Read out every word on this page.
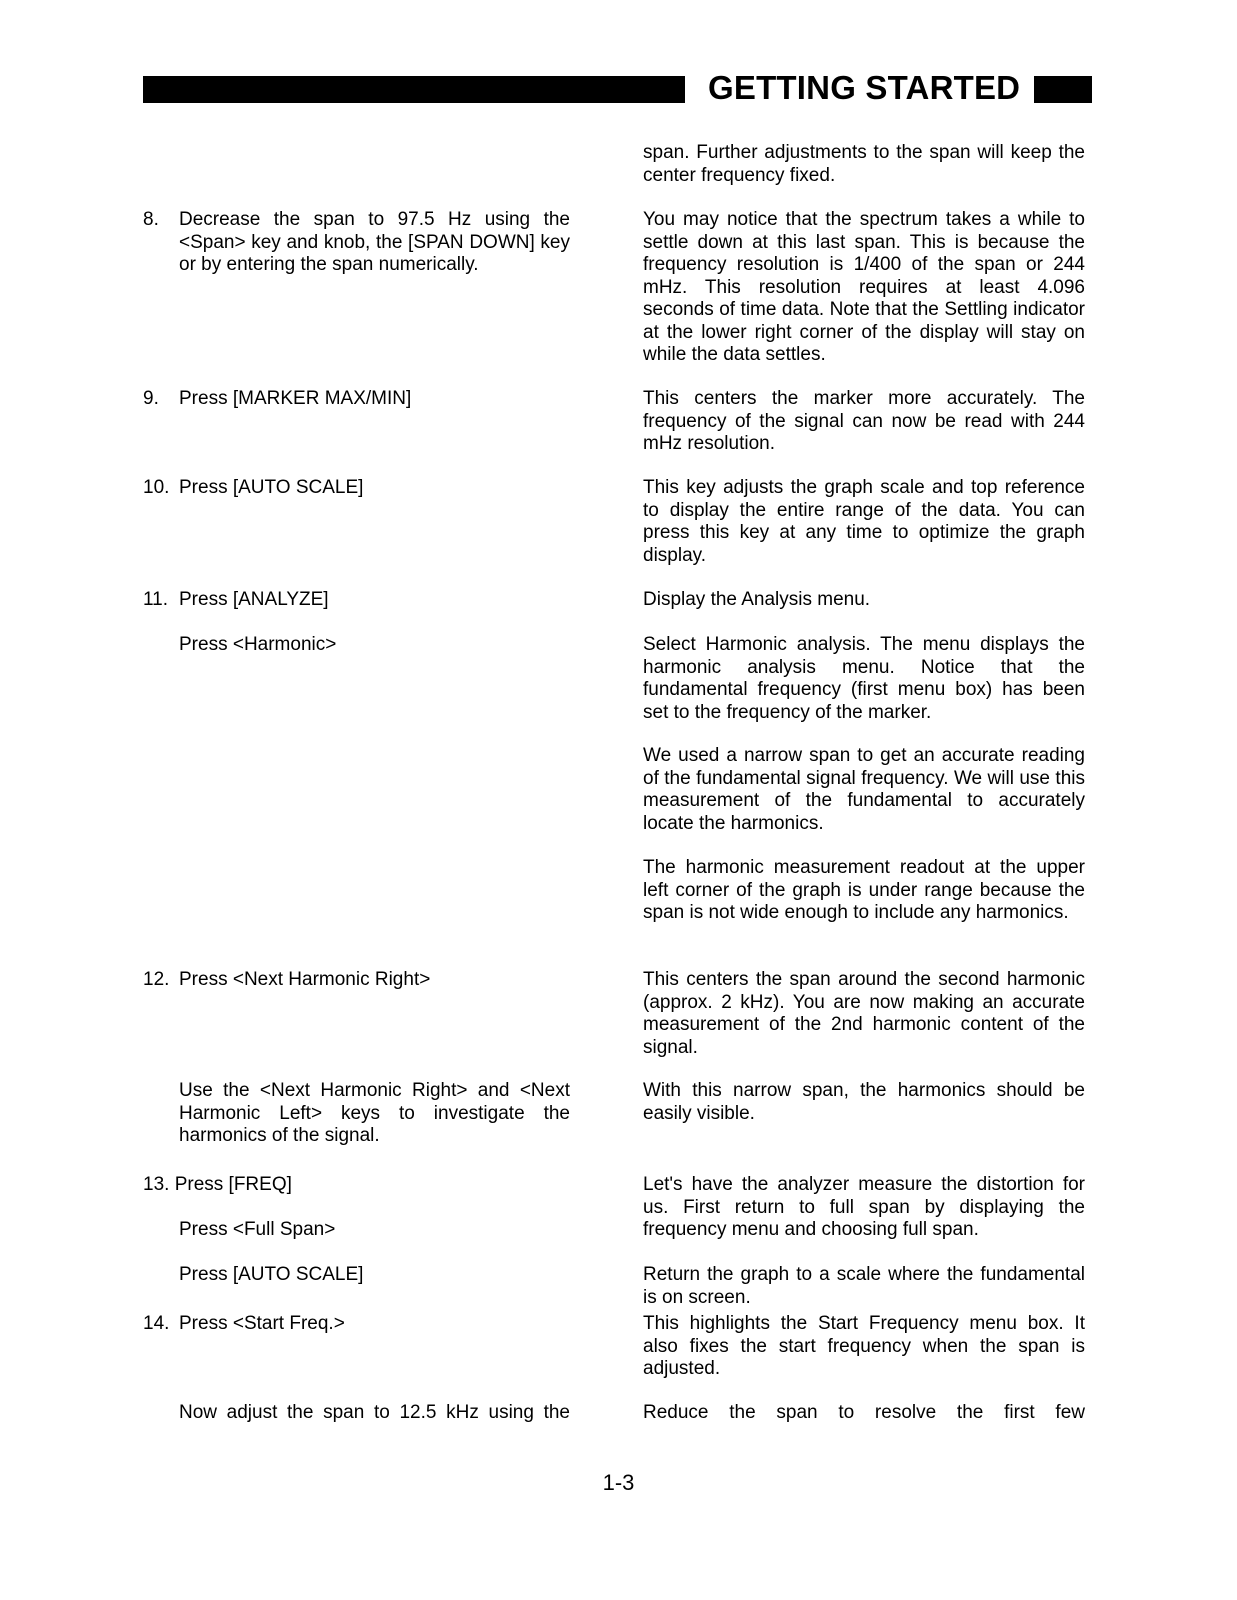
GETTING STARTED
span. Further adjustments to the span will keep the center frequency fixed.
You may notice that the spectrum takes a while to settle down at this last span. This is because the frequency resolution is 1/400 of the span or 244 mHz. This resolution requires at least 4.096 seconds of time data. Note that the Settling indicator at the lower right corner of the display will stay on while the data settles.
This centers the marker more accurately. The frequency of the signal can now be read with 244 mHz resolution.
This key adjusts the graph scale and top reference to display the entire range of the data. You can press this key at any time to optimize the graph display.
Display the Analysis menu.
Select Harmonic analysis. The menu displays the harmonic analysis menu. Notice that the fundamental frequency (first menu box) has been set to the frequency of the marker.
We used a narrow span to get an accurate reading of the fundamental signal frequency. We will use this measurement of the fundamental to accurately locate the harmonics.
The harmonic measurement readout at the upper left corner of the graph is under range because the span is not wide enough to include any harmonics.
This centers the span around the second harmonic (approx. 2 kHz). You are now making an accurate measurement of the 2nd harmonic content of the signal.
With this narrow span, the harmonics should be easily visible.
Let's have the analyzer measure the distortion for us. First return to full span by displaying the frequency menu and choosing full span.
Return the graph to a scale where the fundamental is on screen.
This highlights the Start Frequency menu box. It also fixes the start frequency when the span is adjusted.
Reduce the span to resolve the first few
8. Decrease the span to 97.5 Hz using the <Span> key and knob, the [SPAN DOWN] key or by entering the span numerically.
9. Press [MARKER MAX/MIN]
10. Press [AUTO SCALE]
11. Press [ANALYZE]
Press <Harmonic>
12. Press <Next Harmonic Right>
Use the <Next Harmonic Right> and <Next Harmonic Left> keys to investigate the harmonics of the signal.
13. Press [FREQ]
Press <Full Span>
Press [AUTO SCALE]
14. Press <Start Freq.>
Now adjust the span to 12.5 kHz using the
1-3
